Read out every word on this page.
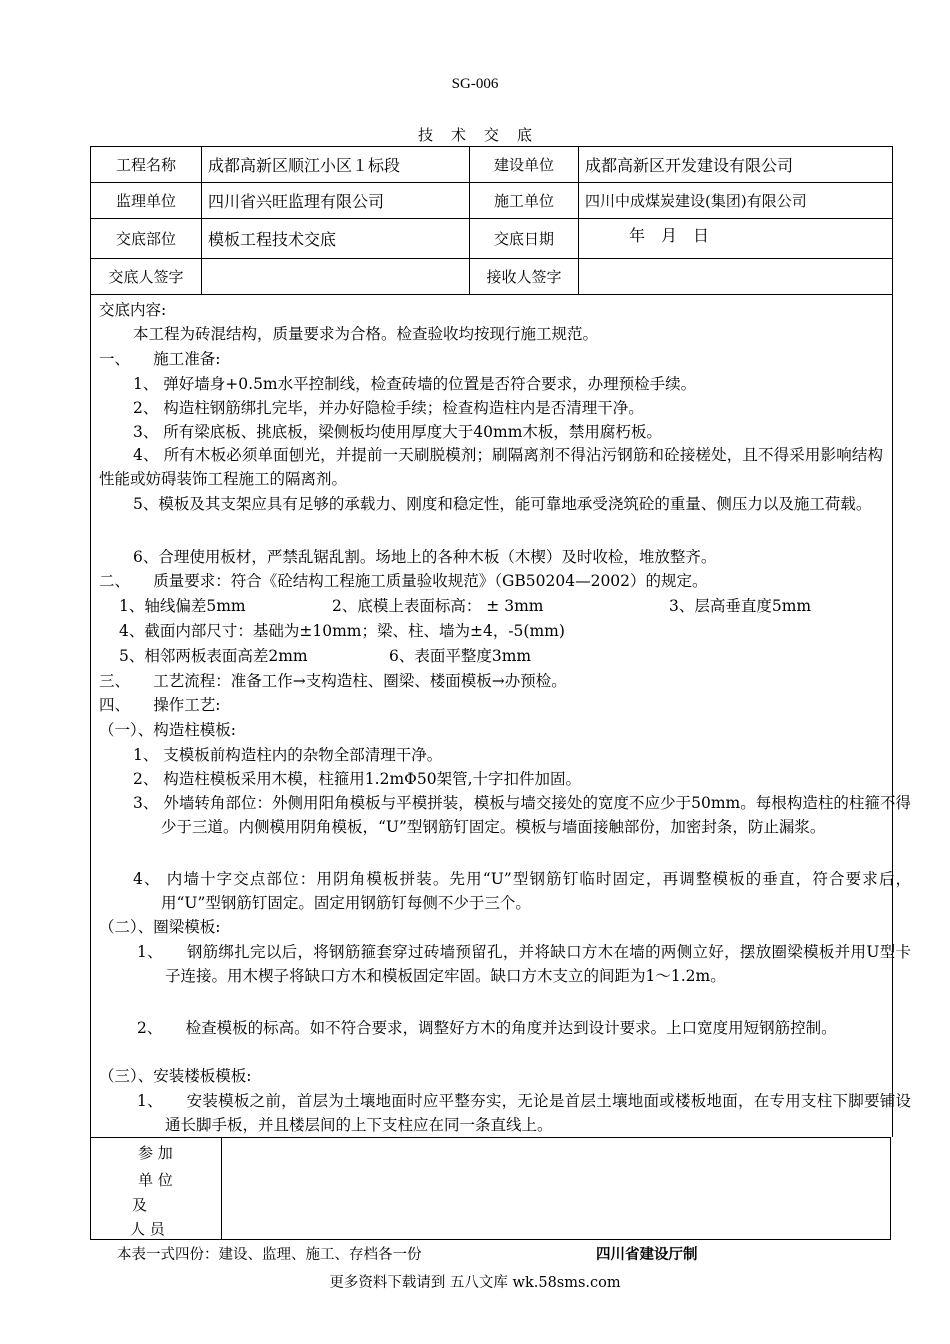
SG-006
技 术 交 底
工程名称	成都高新区顺江小区１标段	建设单位	成都高新区开发建设有限公司
监理单位	四川省兴旺监理有限公司	施工单位	四川中成煤炭建设(集团)有限公司
交底部位	模板工程技术交底	交底日期	年　月　日
交底人签字		接收人签字	
交底内容:
本工程为砖混结构，质量要求为合格。检查验收均按现行施工规范。
一、　　施工准备:
1、 弹好墙身+0.5m水平控制线，检查砖墙的位置是否符合要求，办理预检手续。
2、 构造柱钢筋绑扎完毕，并办好隐检手续；检查构造柱内是否清理干净。
3、 所有梁底板、挑底板，梁侧板均使用厚度大于40mm木板，禁用腐朽板。
4、 所有木板必须单面刨光，并提前一天刷脱模剂；刷隔离剂不得沾污钢筋和砼接槎处，且不得采用影响结构性能或妨碍装饰工程施工的隔离剂。
5、模板及其支架应具有足够的承载力、刚度和稳定性，能可靠地承受浇筑砼的重量、侧压力以及施工荷载。
6、合理使用板材，严禁乱锯乱割。场地上的各种木板（木楔）及时收检，堆放整齐。
二、　　质量要求：符合《砼结构工程施工质量验收规范》（GB50204—2002）的规定。
1、轴线偏差5mm	2、底模上表面标高： ± 3mm	3、层高垂直度5mm
4、截面内部尺寸：基础为±10mm；梁、柱、墙为±4，-5(mm)
5、相邻两板表面高差2mm	6、表面平整度3mm
三、　　工艺流程：准备工作→支构造柱、圈梁、楼面模板→办预检。
四、　　操作工艺:
（一）、构造柱模板:
1、 支模板前构造柱内的杂物全部清理干净。
2、 构造柱模板采用木模，柱箍用1.2mΦ50架管,十字扣件加固。
3、 外墙转角部位：外侧用阳角模板与平模拼装，模板与墙交接处的宽度不应少于50mm。每根构造柱的柱箍不得少于三道。内侧模用阴角模板，“U”型钢筋钉固定。模板与墙面接触部份，加密封条，防止漏浆。
4、 内墙十字交点部位：用阴角模板拼装。先用“U”型钢筋钉临时固定，再调整模板的垂直，符合要求后，用“U”型钢筋钉固定。固定用钢筋钉每侧不少于三个。
（二）、圈梁模板:
1、　　钢筋绑扎完以后，将钢筋箍套穿过砖墙预留孔，并将缺口方木在墙的两侧立好，摆放圈梁模板并用U型卡子连接。用木楔子将缺口方木和模板固定牢固。缺口方木支立的间距为1～1.2m。
2、　　检查模板的标高。如不符合要求，调整好方木的角度并达到设计要求。上口宽度用短钢筋控制。
（三）、安装楼板模板:
1、　　安装模板之前，首层为土壤地面时应平整夯实，无论是首层土壤地面或楼板地面，在专用支柱下脚要铺设通长脚手板，并且楼层间的上下支柱应在同一条直线上。
参 加
单 位
及
人 员
本表一式四份：建设、监理、施工、存档各一份	四川省建设厅制
更多资料下载请到 五八文库 wk.58sms.com
